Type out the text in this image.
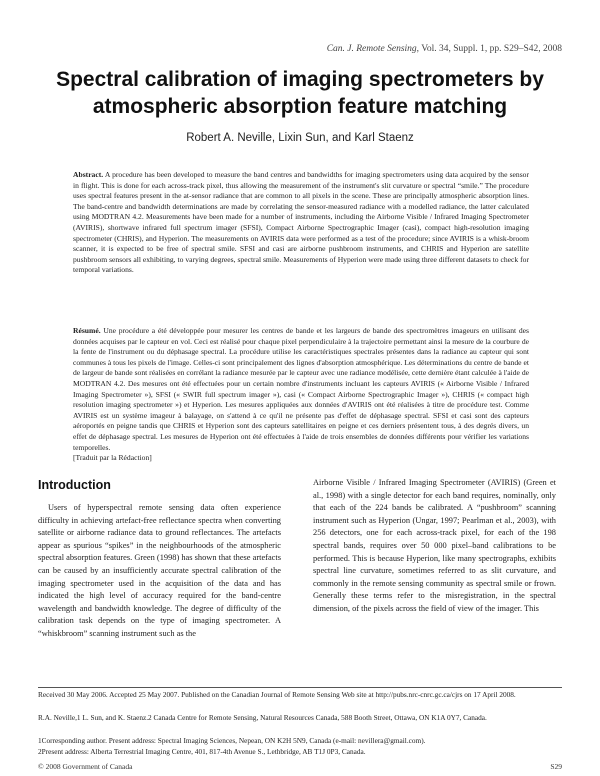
Can. J. Remote Sensing, Vol. 34, Suppl. 1, pp. S29–S42, 2008
Spectral calibration of imaging spectrometers by atmospheric absorption feature matching
Robert A. Neville, Lixin Sun, and Karl Staenz
Abstract. A procedure has been developed to measure the band centres and bandwidths for imaging spectrometers using data acquired by the sensor in flight. This is done for each across-track pixel, thus allowing the measurement of the instrument's slit curvature or spectral “smile.” The procedure uses spectral features present in the at-sensor radiance that are common to all pixels in the scene. These are principally atmospheric absorption lines. The band-centre and bandwidth determinations are made by correlating the sensor-measured radiance with a modelled radiance, the latter calculated using MODTRAN 4.2. Measurements have been made for a number of instruments, including the Airborne Visible / Infrared Imaging Spectrometer (AVIRIS), shortwave infrared full spectrum imager (SFSI), Compact Airborne Spectrographic Imager (casi), compact high-resolution imaging spectrometer (CHRIS), and Hyperion. The measurements on AVIRIS data were performed as a test of the procedure; since AVIRIS is a whisk-broom scanner, it is expected to be free of spectral smile. SFSI and casi are airborne pushbroom instruments, and CHRIS and Hyperion are satellite pushbroom sensors all exhibiting, to varying degrees, spectral smile. Measurements of Hyperion were made using three different datasets to check for temporal variations.
Résumé. Une procédure a été développée pour mesurer les centres de bande et les largeurs de bande des spectromètres imageurs en utilisant des données acquises par le capteur en vol. Ceci est réalisé pour chaque pixel perpendiculaire à la trajectoire permettant ainsi la mesure de la courbure de la fente de l'instrument ou du déphasage spectral. La procédure utilise les caractéristiques spectrales présentes dans la radiance au capteur qui sont communes à tous les pixels de l'image. Celles-ci sont principalement des lignes d'absorption atmosphérique. Les déterminations du centre de bande et de largeur de bande sont réalisées en corrélant la radiance mesurée par le capteur avec une radiance modélisée, cette dernière étant calculée à l'aide de MODTRAN 4.2. Des mesures ont été effectuées pour un certain nombre d'instruments incluant les capteurs AVIRIS (« Airborne Visible / Infrared Imaging Spectrometer »), SFSI (« SWIR full spectrum imager »), casi (« Compact Airborne Spectrographic Imager »), CHRIS (« compact high resolution imaging spectrometer ») et Hyperion. Les mesures appliquées aux données d'AVIRIS ont été réalisées à titre de procédure test. Comme AVIRIS est un système imageur à balayage, on s'attend à ce qu'il ne présente pas d'effet de déphasage spectral. SFSI et casi sont des capteurs aéroportés en peigne tandis que CHRIS et Hyperion sont des capteurs satellitaires en peigne et ces derniers présentent tous, à des degrés divers, un effet de déphasage spectral. Les mesures de Hyperion ont été effectuées à l'aide de trois ensembles de données différents pour vérifier les variations temporelles.
[Traduit par la Rédaction]
Introduction

Users of hyperspectral remote sensing data often experience difficulty in achieving artefact-free reflectance spectra when converting satellite or airborne radiance data to ground reflectances. The artefacts appear as spurious “spikes” in the neighbourhoods of the atmospheric spectral absorption features. Green (1998) has shown that these artefacts can be caused by an insufficiently accurate spectral calibration of the imaging spectrometer used in the acquisition of the data and has indicated the high level of accuracy required for the band-centre wavelength and bandwidth knowledge. The degree of difficulty of the calibration task depends on the type of imaging spectrometer. A “whiskbroom” scanning instrument such as the

Airborne Visible / Infrared Imaging Spectrometer (AVIRIS) (Green et al., 1998) with a single detector for each band requires, nominally, only that each of the 224 bands be calibrated. A “pushbroom” scanning instrument such as Hyperion (Ungar, 1997; Pearlman et al., 2003), with 256 detectors, one for each across-track pixel, for each of the 198 spectral bands, requires over 50 000 pixel–band calibrations to be performed. This is because Hyperion, like many spectrographs, exhibits spectral line curvature, sometimes referred to as slit curvature, and commonly in the remote sensing community as spectral smile or frown. Generally these terms refer to the misregistration, in the spectral dimension, of the pixels across the field of view of the imager. This

Received 30 May 2006. Accepted 25 May 2007. Published on the Canadian Journal of Remote Sensing Web site at http://pubs.nrc-cnrc.gc.ca/cjrs on 17 April 2008.
R.A. Neville,1 L. Sun, and K. Staenz.2 Canada Centre for Remote Sensing, Natural Resources Canada, 588 Booth Street, Ottawa, ON K1A 0Y7, Canada.
1Corresponding author. Present address: Spectral Imaging Sciences, Nepean, ON K2H 5N9, Canada (e-mail: nevillera@gmail.com).
2Present address: Alberta Terrestrial Imaging Centre, 401, 817-4th Avenue S., Lethbridge, AB T1J 0P3, Canada.
© 2008 Government of Canada	S29
